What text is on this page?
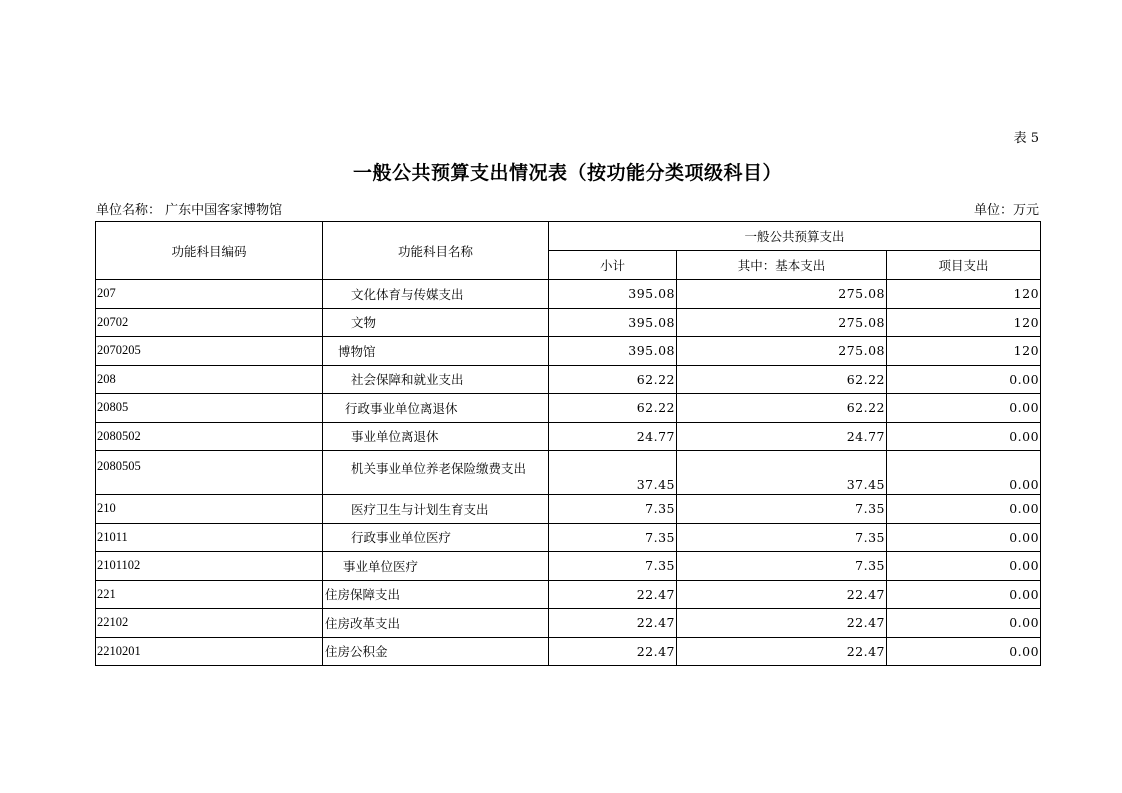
表 5
一般公共预算支出情况表（按功能分类项级科目）
单位名称： 广东中国客家博物馆	单位：万元
功能科目编码	功能科目名称	一般公共预算支出		
		小计	其中：基本支出	项目支出
207	文化体育与传媒支出	395.08	275.08	120
20702	文物	395.08	275.08	120
2070205	博物馆	395.08	275.08	120
208	社会保障和就业支出	62.22	62.22	0.00
20805	行政事业单位离退休	62.22	62.22	0.00
2080502	事业单位离退休	24.77	24.77	0.00
2080505	机关事业单位养老保险缴费支出	37.45	37.45	0.00
210	医疗卫生与计划生育支出	7.35	7.35	0.00
21011	行政事业单位医疗	7.35	7.35	0.00
2101102	事业单位医疗	7.35	7.35	0.00
221	住房保障支出	22.47	22.47	0.00
22102	住房改革支出	22.47	22.47	0.00
2210201	住房公积金	22.47	22.47	0.00
